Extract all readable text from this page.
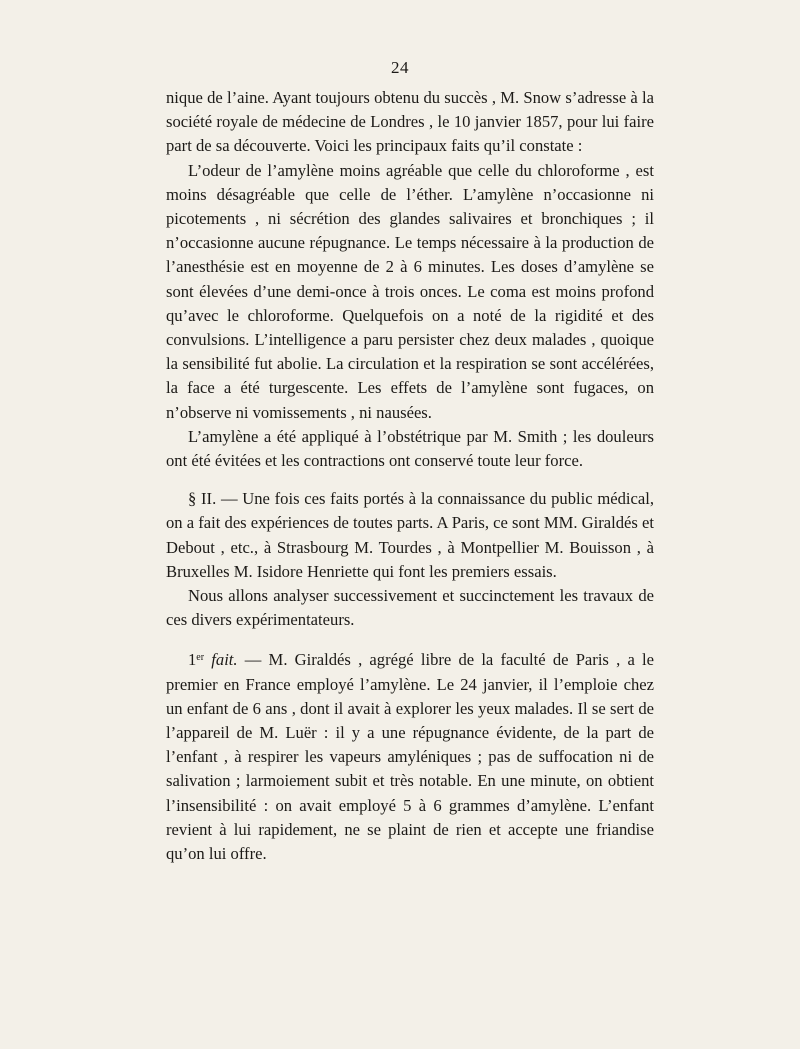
24

nique de l’aine. Ayant toujours obtenu du succès , M. Snow s’adresse à la société royale de médecine de Londres , le 10 janvier 1857, pour lui faire part de sa découverte. Voici les principaux faits qu’il constate :

L’odeur de l’amylène moins agréable que celle du chloroforme , est moins désagréable que celle de l’éther. L’amylène n’occasionne ni picotements , ni sécrétion des glandes salivaires et bronchiques ; il n’occasionne aucune répugnance. Le temps nécessaire à la production de l’anesthésie est en moyenne de 2 à 6 minutes. Les doses d’amylène se sont élevées d’une demi-once à trois onces. Le coma est moins profond qu’avec le chloroforme. Quelquefois on a noté de la rigidité et des convulsions. L’intelligence a paru persister chez deux malades , quoique la sensibilité fut abolie. La circulation et la respiration se sont accélérées, la face a été turgescente. Les effets de l’amylène sont fugaces, on n’observe ni vomissements , ni nausées.

L’amylène a été appliqué à l’obstétrique par M. Smith ; les douleurs ont été évitées et les contractions ont conservé toute leur force.

§ II. — Une fois ces faits portés à la connaissance du public médical, on a fait des expériences de toutes parts. A Paris, ce sont MM. Giraldés et Debout , etc., à Strasbourg M. Tourdes , à Montpellier M. Bouisson , à Bruxelles M. Isidore Henriette qui font les premiers essais.

Nous allons analyser successivement et succinctement les travaux de ces divers expérimentateurs.

1er fait. — M. Giraldés , agrégé libre de la faculté de Paris , a le premier en France employé l’amylène. Le 24 janvier, il l’emploie chez un enfant de 6 ans , dont il avait à explorer les yeux malades. Il se sert de l’appareil de M. Luër : il y a une répugnance évidente, de la part de l’enfant , à respirer les vapeurs amyléniques ; pas de suffocation ni de salivation ; larmoiement subit et très notable. En une minute, on obtient l’insensibilité : on avait employé 5 à 6 grammes d’amylène. L’enfant revient à lui rapidement, ne se plaint de rien et accepte une friandise qu’on lui offre.
